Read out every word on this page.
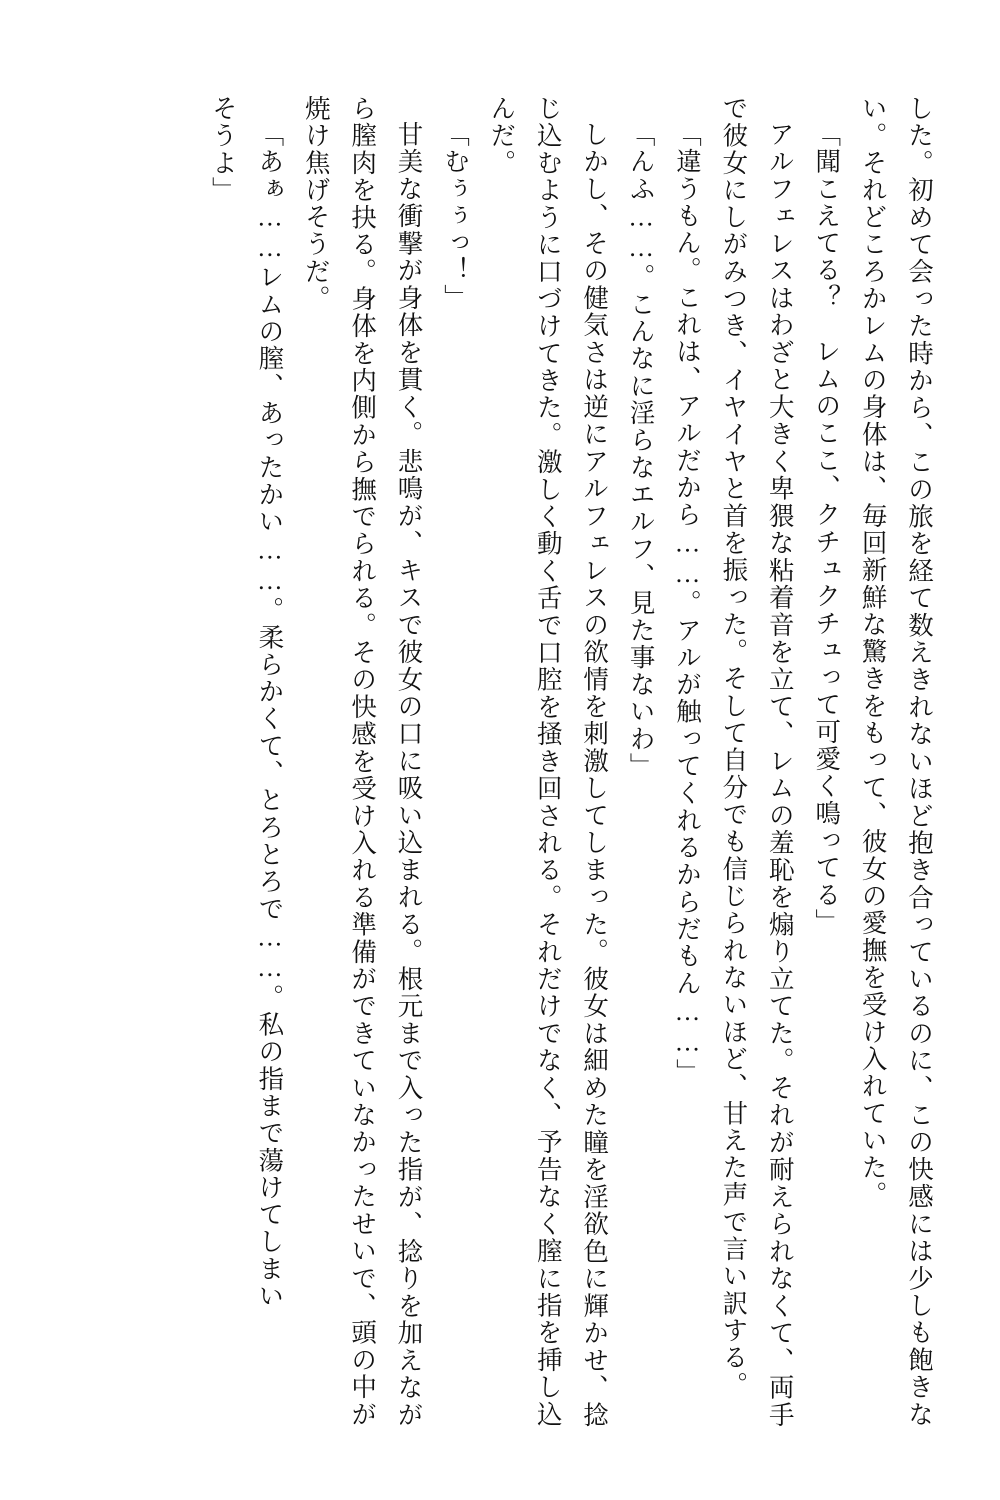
した。初めて会った時から、この旅を経て数えきれないほど抱き合っているのに、この快感には少しも飽きない。それどころかレムの身体は、毎回新鮮な驚きをもって、彼女の愛撫を受け入れていた。

「聞こえてる？　レムのここ、クチュクチュって可愛く鳴ってる」

アルフェレスはわざと大きく卑猥な粘着音を立て、レムの羞恥を煽り立てた。それが耐えられなくて、両手で彼女にしがみつき、イヤイヤと首を振った。そして自分でも信じられないほど、甘えた声で言い訳する。

「違うもん。これは、アルだから……。アルが触ってくれるからだもん……」

「んふ……。こんなに淫らなエルフ、見た事ないわ」

しかし、その健気さは逆にアルフェレスの欲情を刺激してしまった。彼女は細めた瞳を淫欲色に輝かせ、捻じ込むように口づけてきた。激しく動く舌で口腔を掻き回される。それだけでなく、予告なく膣に指を挿し込んだ。

「むぅぅっ！」

甘美な衝撃が身体を貫く。悲鳴が、キスで彼女の口に吸い込まれる。根元まで入った指が、捻りを加えながら膣肉を抉る。身体を内側から撫でられる。その快感を受け入れる準備ができていなかったせいで、頭の中が焼け焦げそうだ。

「あぁ……レムの膣、あったかい……。柔らかくて、とろとろで……。私の指まで蕩けてしまい

そうよ」
